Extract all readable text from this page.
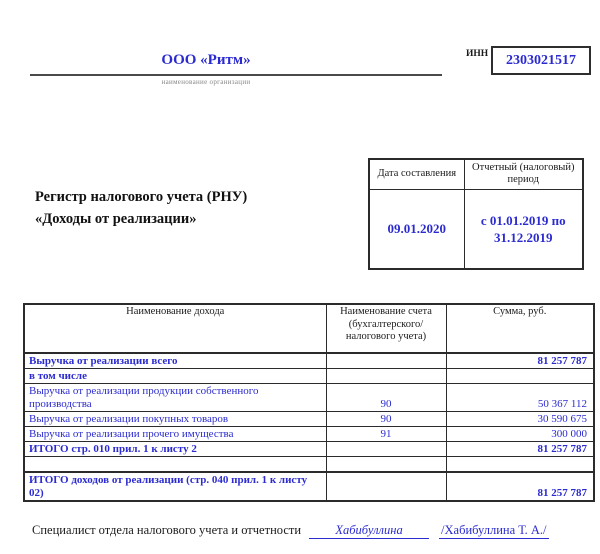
ООО «Ритм»
наименование организации
ИНН	2303021517
Регистр налогового учета (РНУ)
«Доходы от реализации»
Дата составления	Отчетный (налоговый) период
09.01.2020	с 01.01.2019 по 31.12.2019
Наименование дохода	Наименование счета (бухгалтерского/ налогового учета)	Сумма, руб.
Выручка от реализации всего		81 257 787
в том числе		
Выручка от реализации продукции собственного производства	90	50 367 112
Выручка от реализации покупных товаров	90	30 590 675
Выручка от реализации прочего имущества	91	300 000
ИТОГО стр. 010 прил. 1 к листу 2		81 257 787

ИТОГО доходов от реализации (стр. 040 прил. 1 к листу 02)		81 257 787
Специалист отдела налогового учета и отчетности	Хабибуллина	/Хабибуллина Т. А./
